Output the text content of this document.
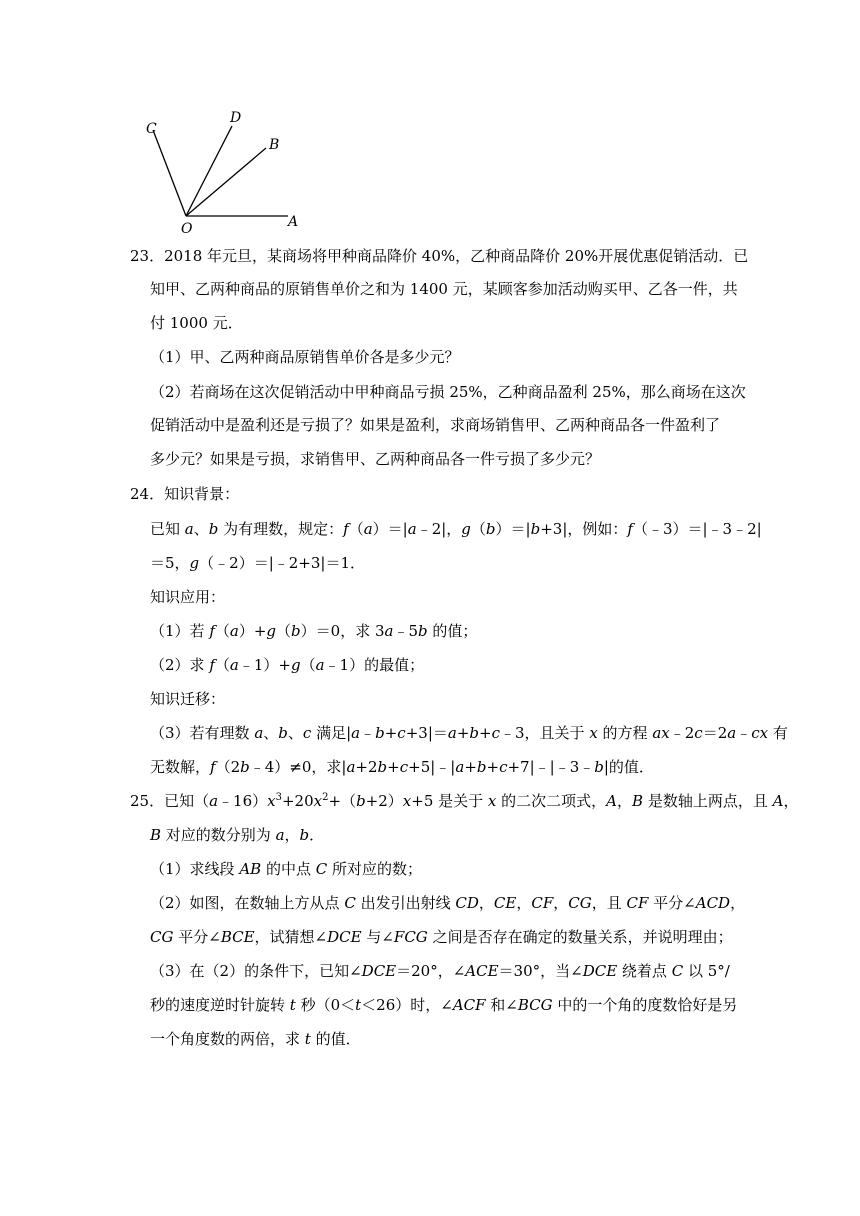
C
D
B
O	A
23．2018 年元旦，某商场将甲种商品降价 40%，乙种商品降价 20%开展优惠促销活动．已
知甲、乙两种商品的原销售单价之和为 1400 元，某顾客参加活动购买甲、乙各一件，共
付 1000 元．
（1）甲、乙两种商品原销售单价各是多少元？
（2）若商场在这次促销活动中甲种商品亏损 25%，乙种商品盈利 25%，那么商场在这次
促销活动中是盈利还是亏损了？如果是盈利，求商场销售甲、乙两种商品各一件盈利了
多少元？如果是亏损，求销售甲、乙两种商品各一件亏损了多少元？
24．知识背景：
已知 a、b 为有理数，规定：f（a）＝|a﹣2|，g（b）＝|b+3|，例如：f（﹣3）＝|﹣3﹣2|
＝5，g（﹣2）＝|﹣2+3|＝1．
知识应用：
（1）若 f（a）+g（b）＝0，求 3a﹣5b 的值；
（2）求 f（a﹣1）+g（a﹣1）的最值；
知识迁移：
（3）若有理数 a、b、c 满足|a﹣b+c+3|＝a+b+c﹣3，且关于 x 的方程 ax﹣2c＝2a﹣cx 有
无数解，f（2b﹣4）≠0，求|a+2b+c+5|﹣|a+b+c+7|﹣|﹣3﹣b|的值．
25．已知$(a﹣16)x^3+20x^2+(b+2)x+5$ 是关于 x 的二次二项式，A，B 是数轴上两点，且 A，
B 对应的数分别为 a，b．
（1）求线段 AB 的中点 C 所对应的数；
（2）如图，在数轴上方从点 C 出发引出射线 CD，CE，CF，CG，且 CF 平分∠ACD，
CG 平分∠BCE，试猜想∠DCE 与∠FCG 之间是否存在确定的数量关系，并说明理由；
（3）在（2）的条件下，已知∠DCE＝20°，∠ACE＝30°，当∠DCE 绕着点 C 以 5°/
秒的速度逆时针旋转 t 秒（0＜t＜26）时，∠ACF 和∠BCG 中的一个角的度数恰好是另
一个角度数的两倍，求 t 的值．
